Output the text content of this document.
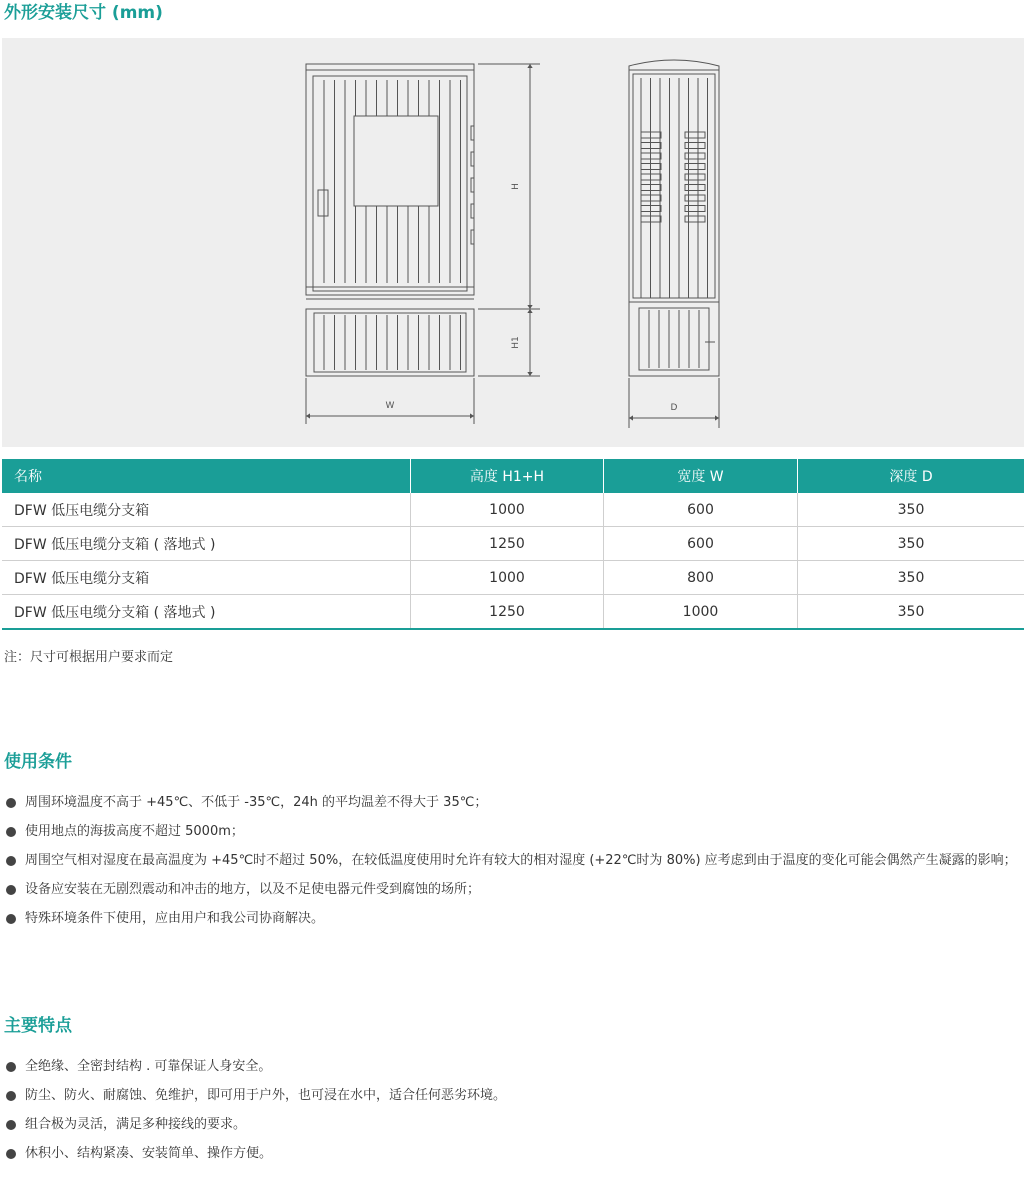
外形安装尺寸 (mm)
H
H1
W	D
名称	高度 H1+H	宽度 W	深度 D
DFW 低压电缆分支箱	1000	600	350
DFW 低压电缆分支箱 ( 落地式 )	1250	600	350
DFW 低压电缆分支箱	1000	800	350
DFW 低压电缆分支箱 ( 落地式 )	1250	1000	350
注：尺寸可根据用户要求而定
使用条件
周围环境温度不高于 +45℃、不低于 -35℃，24h 的平均温差不得大于 35℃；
使用地点的海拔高度不超过 5000m；
周围空气相对湿度在最高温度为 +45℃时不超过 50%，在较低温度使用时允许有较大的相对湿度 (+22℃时为 80%) 应考虑到由于温度的变化可能会偶然产生凝露的影响；
设备应安装在无剧烈震动和冲击的地方，以及不足使电器元件受到腐蚀的场所；
特殊环境条件下使用，应由用户和我公司协商解决。
主要特点
全绝缘、全密封结构 . 可靠保证人身安全。
防尘、防火、耐腐蚀、免维护，即可用于户外，也可浸在水中，适合任何恶劣环境。
组合极为灵活，满足多种接线的要求。
休积小、结构紧凑、安装简单、操作方便。
